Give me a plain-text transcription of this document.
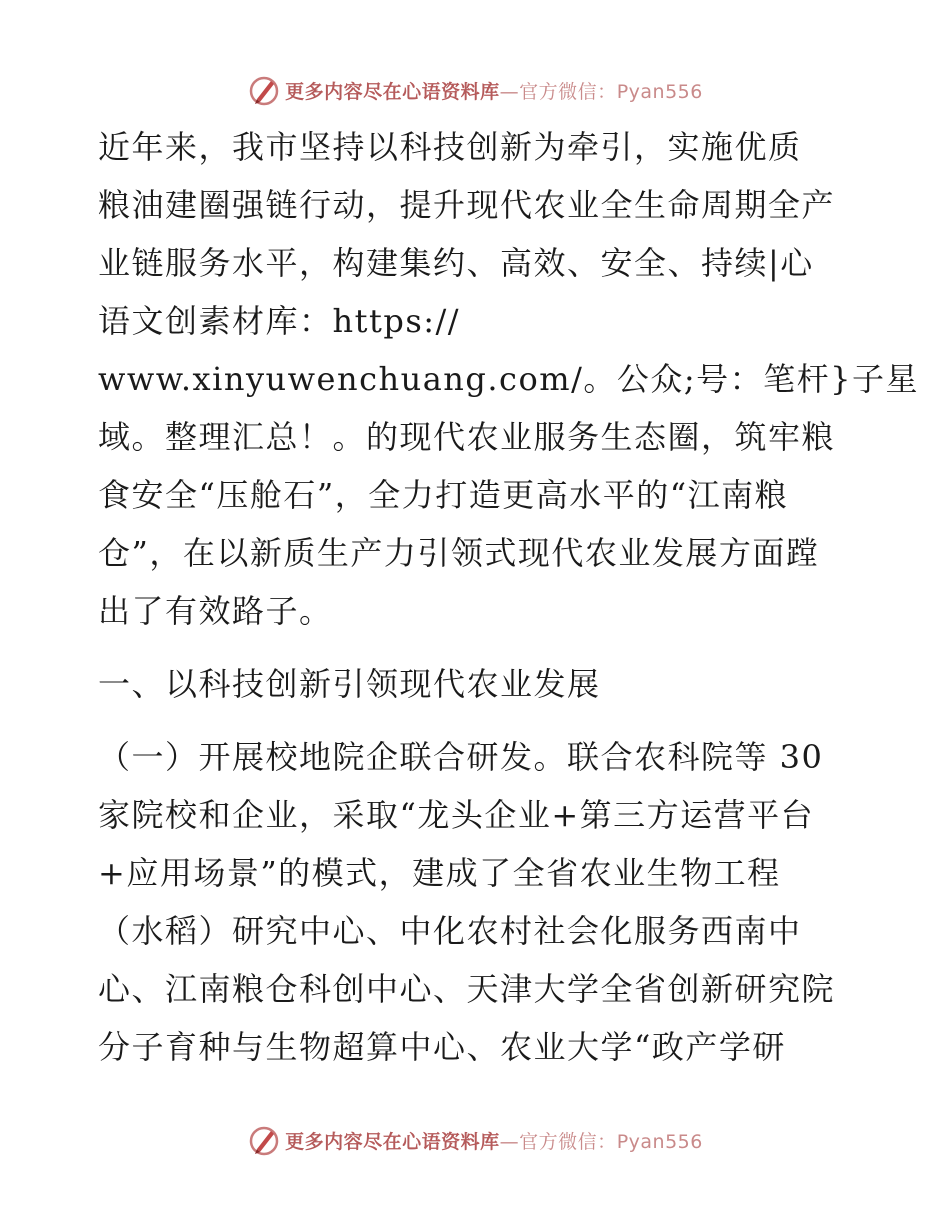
更多内容尽在心语资料库—官方微信：Pyan556
近年来，我市坚持以科技创新为牵引，实施优质
粮油建圈强链行动，提升现代农业全生命周期全产
业链服务水平，构建集约、高效、安全、持续|心
语文创素材库：https://
www.xinyuwenchuang.com/。公众;号：笔杆}子星
域。整理汇总！。的现代农业服务生态圈，筑牢粮
食安全“压舱石”，全力打造更高水平的“江南粮
仓”，在以新质生产力引领式现代农业发展方面蹚
出了有效路子。
一、以科技创新引领现代农业发展
（一）开展校地院企联合研发。联合农科院等 30
家院校和企业，采取“龙头企业+第三方运营平台
+应用场景”的模式，建成了全省农业生物工程
（水稻）研究中心、中化农村社会化服务西南中
心、江南粮仓科创中心、天津大学全省创新研究院
分子育种与生物超算中心、农业大学“政产学研
更多内容尽在心语资料库—官方微信：Pyan556
